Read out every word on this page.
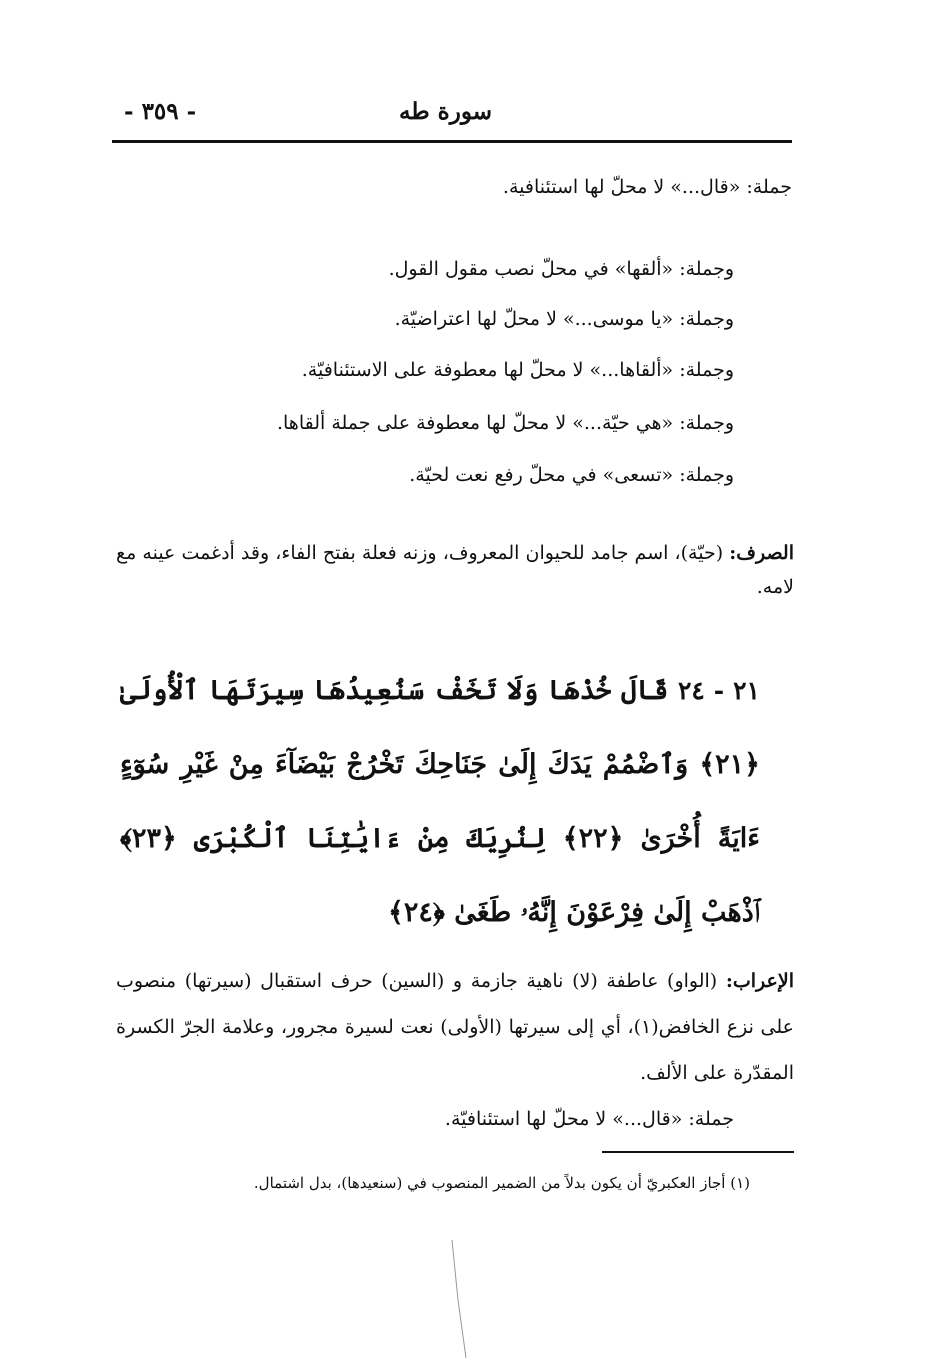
سورة طه
- ٣٥٩ -
جملة: «قال...» لا محلّ لها استئنافية.
وجملة: «ألقها» في محلّ نصب مقول القول.
وجملة: «يا موسى...» لا محلّ لها اعتراضيّة.
وجملة: «ألقاها...» لا محلّ لها معطوفة على الاستئنافيّة.
وجملة: «هي حيّة...» لا محلّ لها معطوفة على جملة ألقاها.
وجملة: «تسعى» في محلّ رفع نعت لحيّة.
الصرف: (حيّة)، اسم جامد للحيوان المعروف، وزنه فعلة بفتح الفاء، وقد أدغمت عينه مع لامه.
٢١ - ٢٤ قَالَ خُذْهَا وَلَا تَخَفْ سَنُعِيدُهَا سِيرَتَهَا ٱلْأُولَىٰ ﴿٢١﴾ وَٱضْمُمْ يَدَكَ إِلَىٰ جَنَاحِكَ تَخْرُجْ بَيْضَآءَ مِنْ غَيْرِ سُوٓءٍ ءَايَةً أُخْرَىٰ ﴿٢٢﴾ لِنُرِيَكَ مِنْ ءَايَٰتِنَا ٱلْكُبْرَى ﴿٢٣﴾ ٱذْهَبْ إِلَىٰ فِرْعَوْنَ إِنَّهُۥ طَغَىٰ ﴿٢٤﴾
الإعراب: (الواو) عاطفة (لا) ناهية جازمة و (السين) حرف استقبال (سيرتها) منصوب على نزع الخافض(١)، أي إلى سيرتها (الأولى) نعت لسيرة مجرور، وعلامة الجرّ الكسرة المقدّرة على الألف.
جملة: «قال...» لا محلّ لها استئنافيّة.
(١) أجاز العكبريّ أن يكون بدلاً من الضمير المنصوب في (سنعيدها)، بدل اشتمال.
